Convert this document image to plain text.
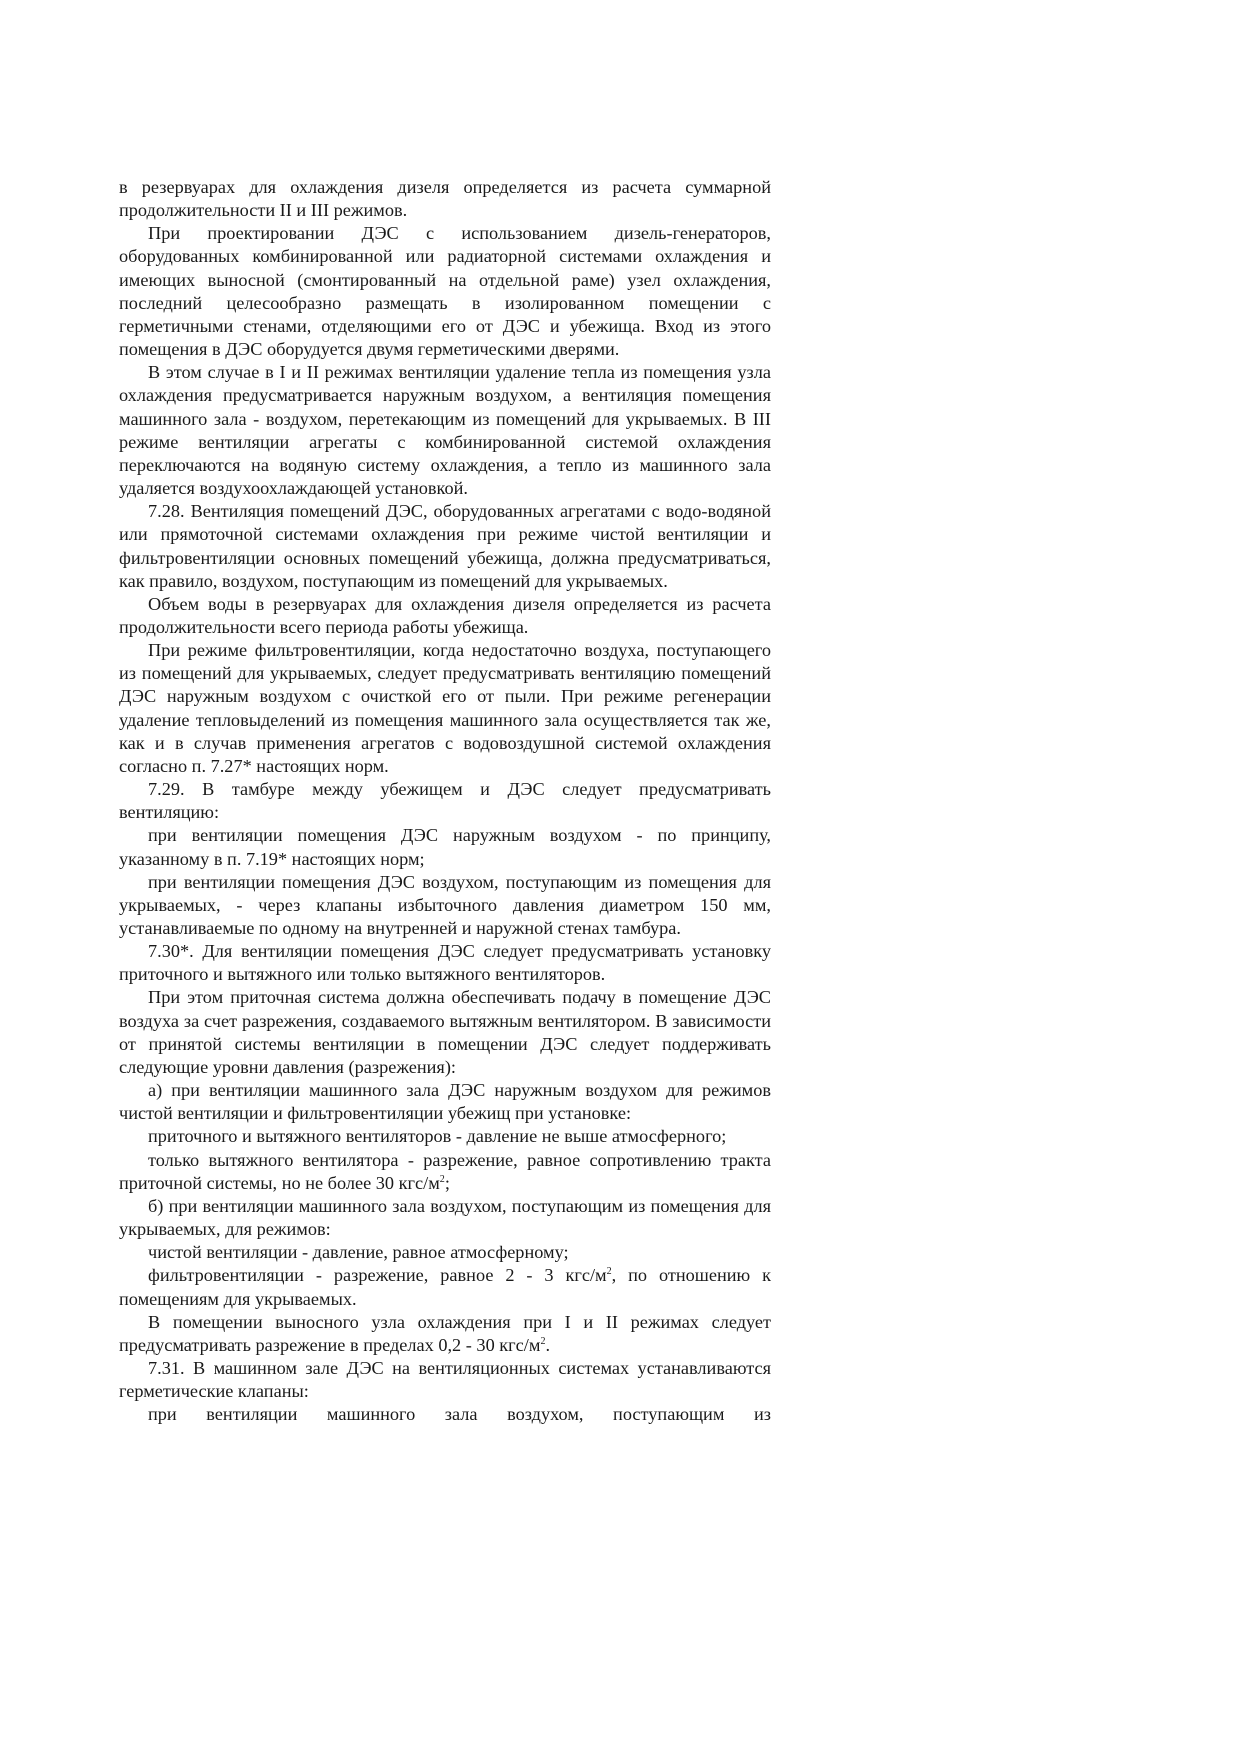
в резервуарах для охлаждения дизеля определяется из расчета суммарной продолжительности II и III режимов.

При проектировании ДЭС с использованием дизель-генераторов, оборудованных комбинированной или радиаторной системами охлаждения и имеющих выносной (смонтированный на отдельной раме) узел охлаждения, последний целесообразно размещать в изолированном помещении с герметичными стенами, отделяющими его от ДЭС и убежища. Вход из этого помещения в ДЭС оборудуется двумя герметическими дверями.

В этом случае в I и II режимах вентиляции удаление тепла из помещения узла охлаждения предусматривается наружным воздухом, а вентиляция помещения машинного зала - воздухом, перетекающим из помещений для укрываемых. В III режиме вентиляции агрегаты с комбинированной системой охлаждения переключаются на водяную систему охлаждения, а тепло из машинного зала удаляется воздухоохлаждающей установкой.

7.28. Вентиляция помещений ДЭС, оборудованных агрегатами с водо-водяной или прямоточной системами охлаждения при режиме чистой вентиляции и фильтровентиляции основных помещений убежища, должна предусматриваться, как правило, воздухом, поступающим из помещений для укрываемых.

Объем воды в резервуарах для охлаждения дизеля определяется из расчета продолжительности всего периода работы убежища.

При режиме фильтровентиляции, когда недостаточно воздуха, поступающего из помещений для укрываемых, следует предусматривать вентиляцию помещений ДЭС наружным воздухом с очисткой его от пыли. При режиме регенерации удаление тепловыделений из помещения машинного зала осуществляется так же, как и в случав применения агрегатов с водовоздушной системой охлаждения согласно п. 7.27* настоящих норм.

7.29. В тамбуре между убежищем и ДЭС следует предусматривать вентиляцию:

при вентиляции помещения ДЭС наружным воздухом - по принципу, указанному в п. 7.19* настоящих норм;

при вентиляции помещения ДЭС воздухом, поступающим из помещения для укрываемых, - через клапаны избыточного давления диаметром 150 мм, устанавливаемые по одному на внутренней и наружной стенах тамбура.

7.30*. Для вентиляции помещения ДЭС следует предусматривать установку приточного и вытяжного или только вытяжного вентиляторов.

При этом приточная система должна обеспечивать подачу в помещение ДЭС воздуха за счет разрежения, создаваемого вытяжным вентилятором. В зависимости от принятой системы вентиляции в помещении ДЭС следует поддерживать следующие уровни давления (разрежения):

а) при вентиляции машинного зала ДЭС наружным воздухом для режимов чистой вентиляции и фильтровентиляции убежищ при установке:

приточного и вытяжного вентиляторов - давление не выше атмосферного;

только вытяжного вентилятора - разрежение, равное сопротивлению тракта приточной системы, но не более 30 кгс/$м^2$;

б) при вентиляции машинного зала воздухом, поступающим из помещения для укрываемых, для режимов:

чистой вентиляции - давление, равное атмосферному;

фильтровентиляции - разрежение, равное 2 - 3 кгс/$м^2$, по отношению к помещениям для укрываемых.

В помещении выносного узла охлаждения при I и II режимах следует предусматривать разрежение в пределах 0,2 - 30 кгс/$м^2$.

7.31. В машинном зале ДЭС на вентиляционных системах устанавливаются герметические клапаны:

при вентиляции машинного зала воздухом, поступающим из
